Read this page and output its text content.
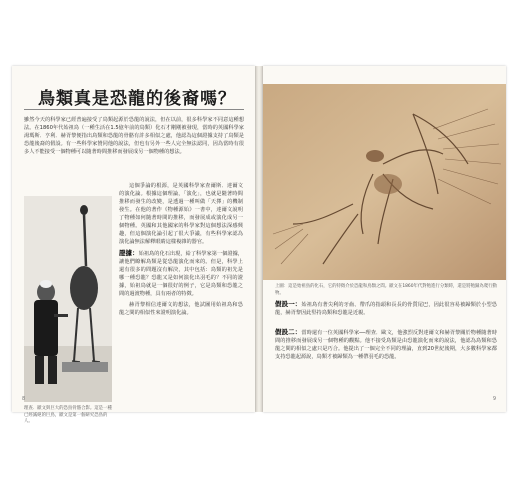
鳥類真是恐龍的後裔嗎？
雖然今天的科學家已經普遍接受了鳥類起源於恐龍的說法，但在以前，很多科學家不同意這種想法。在1860年代始祖鳥（一種生活在1.5億年前的鳥類）化石才剛剛被發現，當時的英國科學家湯瑪斯．亨利．赫胥黎便指出鳥類和恐龍的骨骼有許多相似之處，他認為這個證據支持了鳥類是恐龍後裔的假設。有一些科學家贊同他的說法，但也有另外一些人完全無法認同，因為當時有很多人不能接受一個物種可以隨著時間推移而發展成另一個物種的想法。
理查．歐文與巨大的恐鳥骨骼合影。這是一種已經滅絕的巨鳥，歐文是第一個研究恐鳥的人。

這個爭論的根源，是英國科學家查爾斯．達爾文的演化論。根據這個理論，「演化」，也就是隨著時間推移而發生的改變，是透過一種叫做「天擇」的機制發生。在他的著作《物種源始》一書中，達爾文說明了物種如何隨著時間的推移，而發展成或演化成另一個物種。英國和其他國家的科學家對這個想法深感興趣，但這個演化論引起了很大爭議，有些科學家認為演化論無法解釋眼睛這樣複雜的器官。

證據：始祖鳥的化石出現，給了科學家第一個證據，讓他們瞭解鳥類是從恐龍演化而來的。但是，科學上還有很多的問題沒有解決，其中包括：鳥類的祖先是哪一種恐龍？恐龍又是如何演化出羽毛的？不同的證據，始祖鳥就是一個很好的例子，它是鳥類和恐龍之間的過渡物種，具有兩者的特徵。

赫胥黎相信達爾文的想法，他試圖用始祖鳥和恐龍之間的相似性來證明演化論。

8
上圖：這是始祖鳥的化石，它的特徵介於恐龍和鳥類之間。歐文在1860年代對牠進行分類時，還是將牠歸為爬行動物。
假設一：始祖鳥有著尖利的牙齒、帶爪的指頭和長長的骨質尾巴，因此很容易被歸類於小型恐龍，赫胥黎因此堅持鳥類和恐龍是近親。
假設二：當時還有一位英國科學家──理查．歐文，他強烈反對達爾文和赫胥黎關於物種隨著時間的推移而發展成另一個物種的觀點。他不接受鳥類是由恐龍演化而來的說法，他認為鳥類和恐龍之間的相似之處只是巧合。他提出了一個完全不同的理論，直到20世紀後期，大多數科學家都支持恐龍起源說，鳥類才被歸類為一種帶羽毛的恐龍。
9
